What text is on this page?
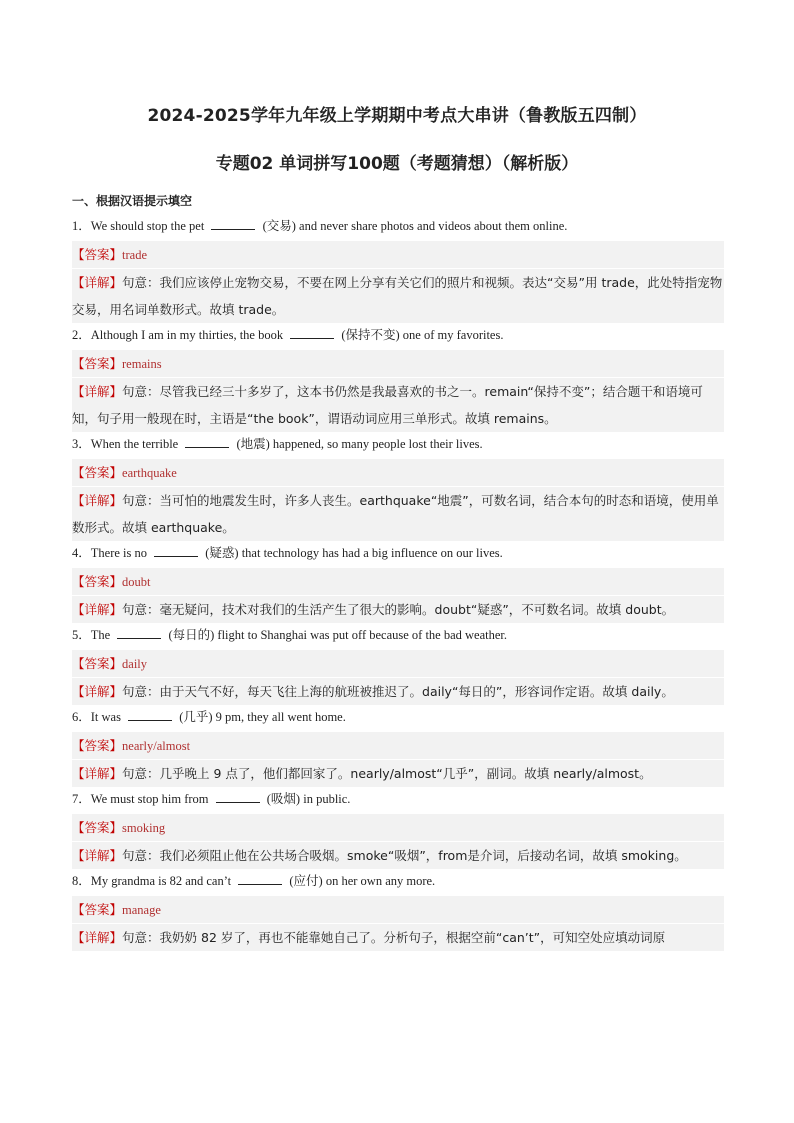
2024-2025学年九年级上学期期中考点大串讲（鲁教版五四制）
专题02 单词拼写100题（考题猜想）（解析版）
一、根据汉语提示填空
1．We should stop the pet	(交易) and never share photos and videos about them online.
【答案】trade
【详解】句意：我们应该停止宠物交易，不要在网上分享有关它们的照片和视频。表达“交易”用 trade，此处特指宠物交易，用名词单数形式。故填 trade。
2．Although I am in my thirties, the book	(保持不变) one of my favorites.
【答案】remains
【详解】句意：尽管我已经三十多岁了，这本书仍然是我最喜欢的书之一。remain“保持不变”；结合题干和语境可知，句子用一般现在时，主语是“the book”，谓语动词应用三单形式。故填 remains。
3．When the terrible	(地震) happened, so many people lost their lives.
【答案】earthquake
【详解】句意：当可怕的地震发生时，许多人丧生。earthquake“地震”，可数名词，结合本句的时态和语境，使用单数形式。故填 earthquake。
4．There is no	(疑惑) that technology has had a big influence on our lives.
【答案】doubt
【详解】句意：毫无疑问，技术对我们的生活产生了很大的影响。doubt“疑惑”，不可数名词。故填 doubt。
5．The	(每日的) flight to Shanghai was put off because of the bad weather.
【答案】daily
【详解】句意：由于天气不好，每天飞往上海的航班被推迟了。daily“每日的”，形容词作定语。故填 daily。
6．It was	(几乎) 9 pm, they all went home.
【答案】nearly/almost
【详解】句意：几乎晚上 9 点了，他们都回家了。nearly/almost“几乎”，副词。故填 nearly/almost。
7．We must stop him from	(吸烟) in public.
【答案】smoking
【详解】句意：我们必须阻止他在公共场合吸烟。smoke“吸烟”，from是介词，后接动名词，故填 smoking。
8．My grandma is 82 and can’t	(应付) on her own any more.
【答案】manage
【详解】句意：我奶奶 82 岁了，再也不能靠她自己了。分析句子，根据空前“can’t”，可知空处应填动词原
